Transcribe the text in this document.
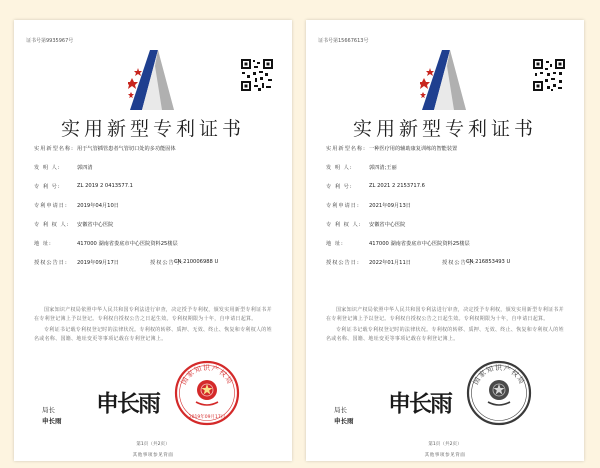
证书号第9935967号
实用新型专利证书
实用新型名称: 用于气管插管患者气管切口处的多功能固体
发 明 人:	郭四清
专 利 号:	ZL 2019 2 0413577.1
专利申请日: 2019年04月10日
专 利 权 人: 安徽省中心医院
地 址:	417000 湖南省娄底市中心医院资料25楼层
授权公告日: 2019年09月17日	授权公告号:
CN 210006988 U

国家知识产权局依照中华人民共和国专利法进行审查，决定授予专利权，颁发实用新型专利证书并在专利登记簿上予以登记。专利权自授权公告之日起生效。专利权期限为十年，自申请日起算。

专利证书记载专利权登记时的法律状况。专利权的转移、质押、无效、终止、恢复和专利权人的姓名或名称、国籍、地址变更等事项记载在专利登记簿上。

国家知识产权局
2019年09月17日
局长
申长雨
申长雨
第1页（共2页）
其他事项参见背面
证书号第15667613号
实用新型专利证书
实用新型名称: 一种医疗用的辅助康复训练的智能装置
发 明 人:	郭四清;王丽
专 利 号:	ZL 2021 2 2153717.6
专利申请日: 2021年09月13日
专 利 权 人: 安徽省中心医院
地 址:	417000 湖南省娄底市中心医院资料25楼层
授权公告日: 2022年01月11日	授权公告号:
CN 216853493 U

国家知识产权局依照中华人民共和国专利法进行审查，决定授予专利权，颁发实用新型专利证书并在专利登记簿上予以登记。专利权自授权公告之日起生效。专利权期限为十年，自申请日起算。

专利证书记载专利权登记时的法律状况。专利权的转移、质押、无效、终止、恢复和专利权人的姓名或名称、国籍、地址变更等事项记载在专利登记簿上。

国家知识产权局
局长
申长雨
申长雨
第1页（共2页）
其他事项参见背面
